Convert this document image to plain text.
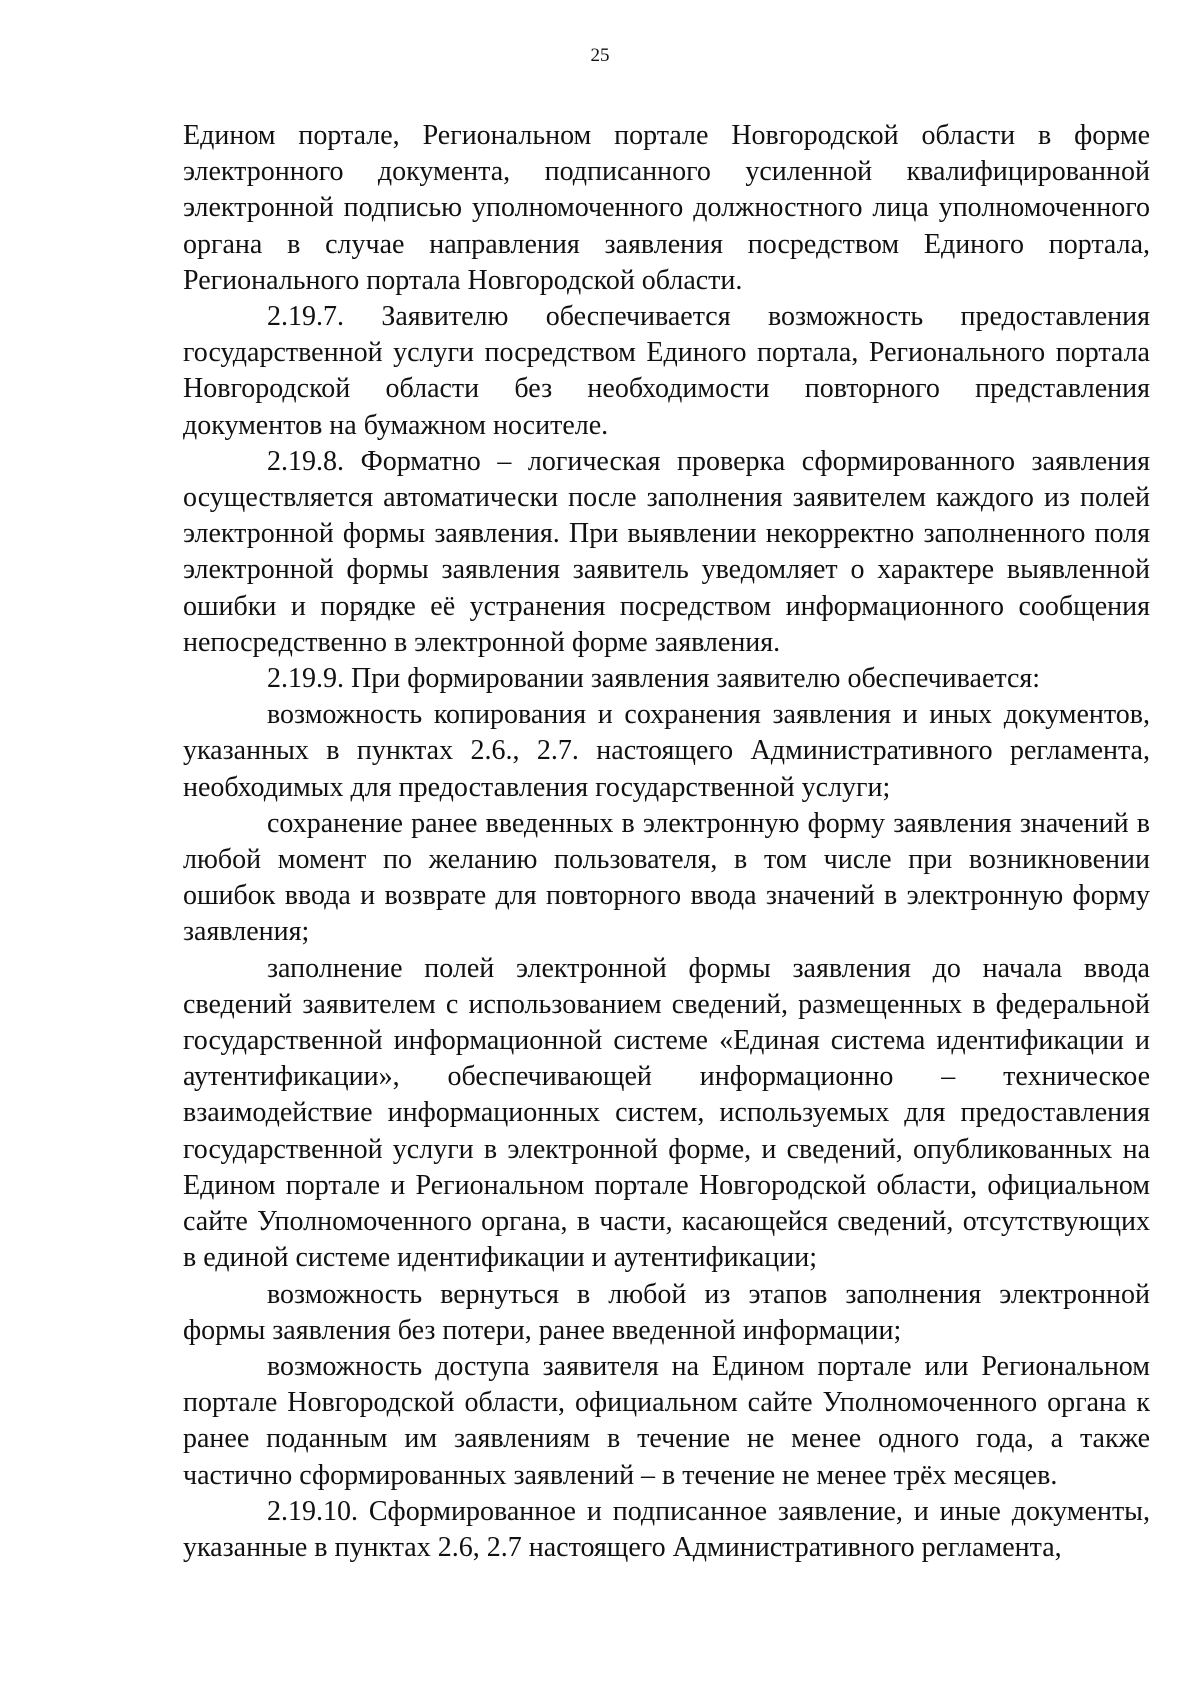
25

Едином портале, Региональном портале Новгородской области в форме электронного документа, подписанного усиленной квалифицированной электронной подписью уполномоченного должностного лица уполномоченного органа в случае направления заявления посредством Единого портала, Регионального портала Новгородской области.

2.19.7. Заявителю обеспечивается возможность предоставления государственной услуги посредством Единого портала, Регионального портала Новгородской области без необходимости повторного представления документов на бумажном носителе.

2.19.8. Форматно – логическая проверка сформированного заявления осуществляется автоматически после заполнения заявителем каждого из полей электронной формы заявления. При выявлении некорректно заполненного поля электронной формы заявления заявитель уведомляет о характере выявленной ошибки и порядке её устранения посредством информационного сообщения непосредственно в электронной форме заявления.

2.19.9. При формировании заявления заявителю обеспечивается:

возможность копирования и сохранения заявления и иных документов, указанных в пунктах 2.6., 2.7. настоящего Административного регламента, необходимых для предоставления государственной услуги;

сохранение ранее введенных в электронную форму заявления значений в любой момент по желанию пользователя, в том числе при возникновении ошибок ввода и возврате для повторного ввода значений в электронную форму заявления;

заполнение полей электронной формы заявления до начала ввода сведений заявителем с использованием сведений, размещенных в федеральной государственной информационной системе «Единая система идентификации и аутентификации», обеспечивающей информационно – техническое взаимодействие информационных систем, используемых для предоставления государственной услуги в электронной форме, и сведений, опубликованных на Едином портале и Региональном портале Новгородской области, официальном сайте Уполномоченного органа, в части, касающейся сведений, отсутствующих в единой системе идентификации и аутентификации;

возможность вернуться в любой из этапов заполнения электронной формы заявления без потери, ранее введенной информации;

возможность доступа заявителя на Едином портале или Региональном портале Новгородской области, официальном сайте Уполномоченного органа к ранее поданным им заявлениям в течение не менее одного года, а также частично сформированных заявлений – в течение не менее трёх месяцев.

2.19.10. Сформированное и подписанное заявление, и иные документы, указанные в пунктах 2.6, 2.7 настоящего Административного регламента,
